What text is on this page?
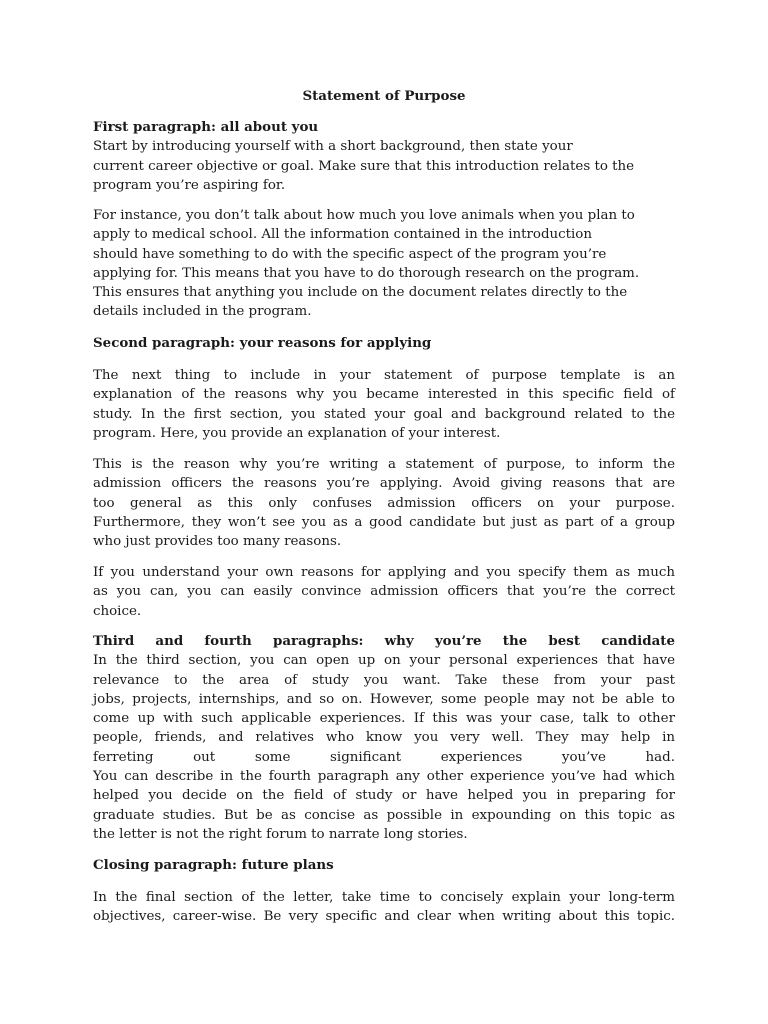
Statement of Purpose
First paragraph: all about you
Start by introducing yourself with a short background, then state your
current career objective or goal. Make sure that this introduction relates to the
program you’re aspiring for.
For instance, you don’t talk about how much you love animals when you plan to
apply to medical school. All the information contained in the introduction
should have something to do with the specific aspect of the program you’re
applying for. This means that you have to do thorough research on the program.
This ensures that anything you include on the document relates directly to the
details included in the program.
Second paragraph: your reasons for applying
The next thing to include in your statement of purpose template is an
explanation of the reasons why you became interested in this specific field of
study. In the first section, you stated your goal and background related to the
program. Here, you provide an explanation of your interest.
This is the reason why you’re writing a statement of purpose, to inform the
admission officers the reasons you’re applying. Avoid giving reasons that are
too general as this only confuses admission officers on your purpose.
Furthermore, they won’t see you as a good candidate but just as part of a group
who just provides too many reasons.
If you understand your own reasons for applying and you specify them as much
as you can, you can easily convince admission officers that you’re the correct
choice.
Third and fourth paragraphs: why you’re the best candidate
In the third section, you can open up on your personal experiences that have
relevance to the area of study you want. Take these from your past
jobs, projects, internships, and so on. However, some people may not be able to
come up with such applicable experiences. If this was your case, talk to other
people, friends, and relatives who know you very well. They may help in
ferreting out some significant experiences you’ve had.
You can describe in the fourth paragraph any other experience you’ve had which
helped you decide on the field of study or have helped you in preparing for
graduate studies. But be as concise as possible in expounding on this topic as
the letter is not the right forum to narrate long stories.
Closing paragraph: future plans
In the final section of the letter, take time to concisely explain your long-term
objectives, career-wise. Be very specific and clear when writing about this topic.
